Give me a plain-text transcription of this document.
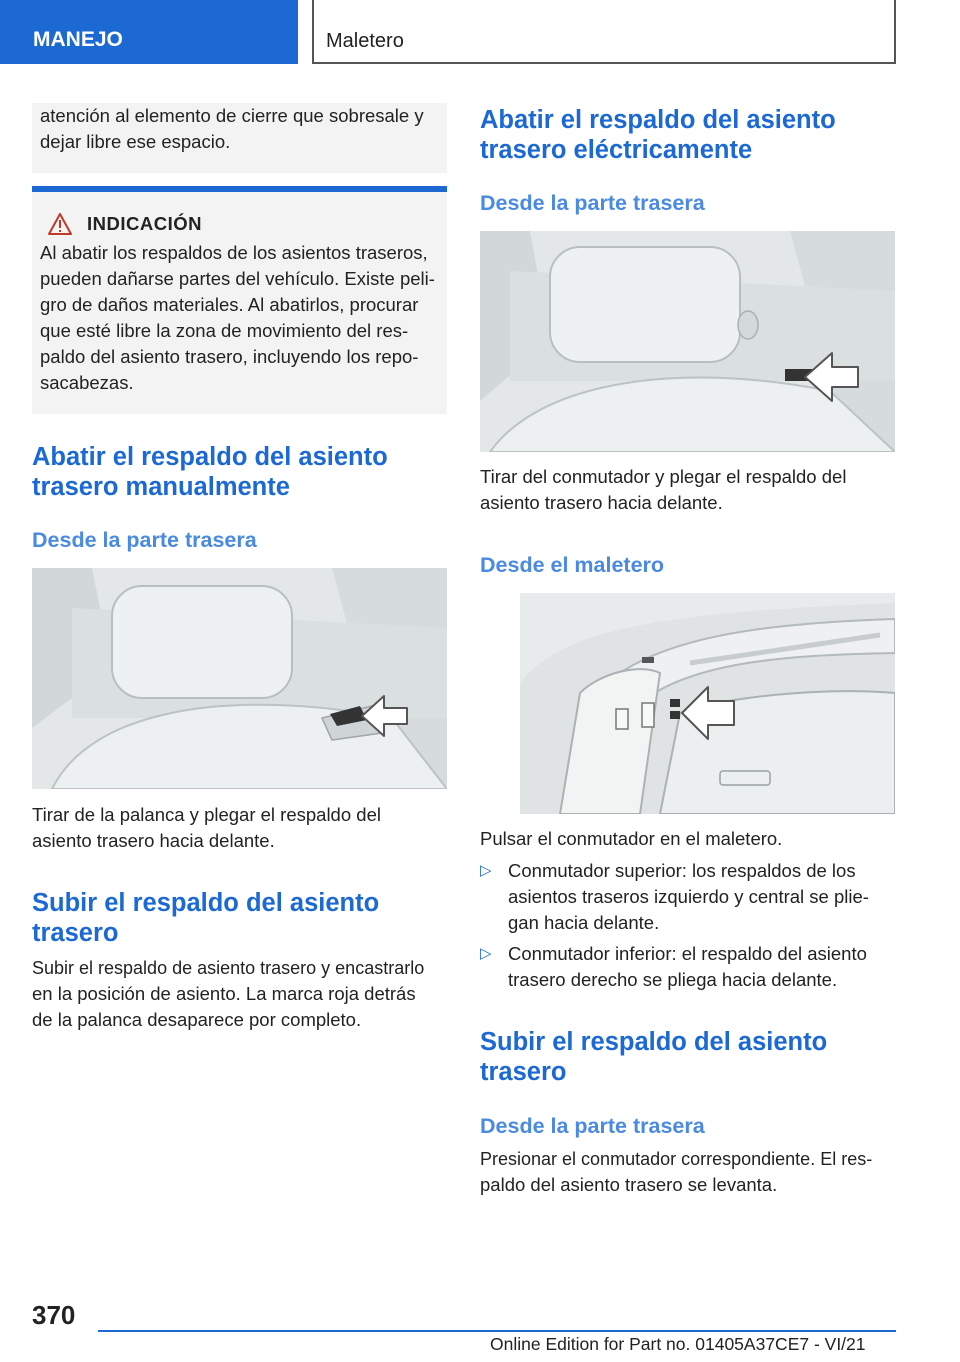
MANEJO	Maletero

atención al elemento de cierre que sobresale y

dejar libre ese espacio.

INDICACIÓN

Al abatir los respaldos de los asientos traseros,

pueden dañarse partes del vehículo. Existe peli‐

gro de daños materiales. Al abatirlos, procurar

que esté libre la zona de movimiento del res‐

paldo del asiento trasero, incluyendo los repo‐

sacabezas.

Abatir el respaldo del asiento
trasero manualmente
Desde la parte trasera

Tirar de la palanca y plegar el respaldo del

asiento trasero hacia delante.

Subir el respaldo del asiento
trasero

Subir el respaldo de asiento trasero y encastrarlo

en la posición de asiento. La marca roja detrás

de la palanca desaparece por completo.

Abatir el respaldo del asiento
trasero eléctricamente
Desde la parte trasera

Tirar del conmutador y plegar el respaldo del

asiento trasero hacia delante.

Desde el maletero

Pulsar el conmutador en el maletero.

▷ Conmutador superior: los respaldos de los
asientos traseros izquierdo y central se plie‐
gan hacia delante.
▷ Conmutador inferior: el respaldo del asiento
trasero derecho se pliega hacia delante.
Subir el respaldo del asiento
trasero
Desde la parte trasera

Presionar el conmutador correspondiente. El res‐

paldo del asiento trasero se levanta.

370
Online Edition for Part no. 01405A37CE7 - VI/21
